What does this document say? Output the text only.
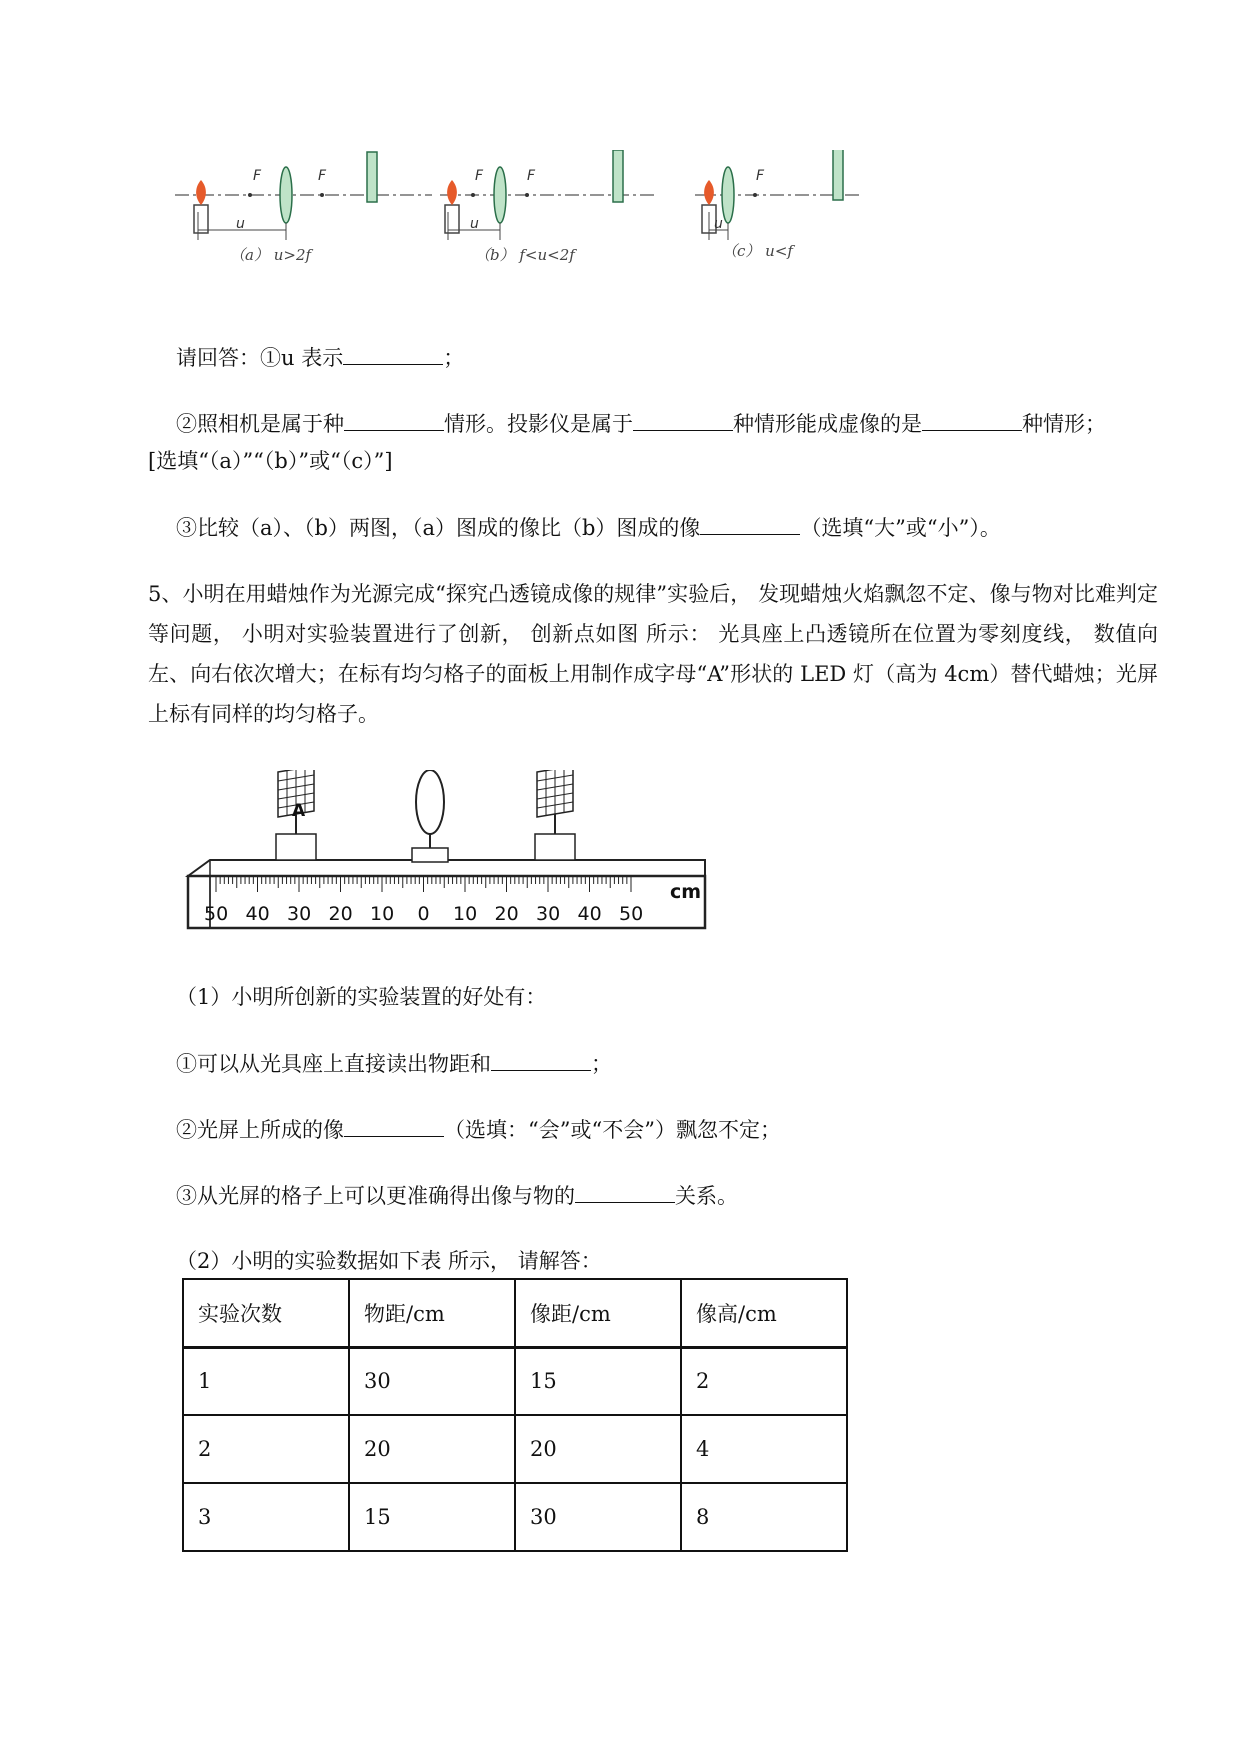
F	F
u
（a） u>2f
F	F
u
（b） f<u<2f
F
u
（c） u<f
请回答：①u 表示	；
②照相机是属于种	情形。投影仪是属于	种情形能成虚像的是	种情形；
[选填“（a）”“（b）”或“（c）”]
③比较（a）、（b）两图，（a）图成的像比（b）图成的像	（选填“大”或“小”）。
5、小明在用蜡烛作为光源完成“探究凸透镜成像的规律”实验后， 发现蜡烛火焰飘忽不定、像与物对比难判定等问题， 小明对实验装置进行了创新， 创新点如图 所示： 光具座上凸透镜所在位置为零刻度线， 数值向左、向右依次增大；在标有均匀格子的面板上用制作成字母“A”形状的 LED 灯（高为 4cm）替代蜡烛；光屏上标有同样的均匀格子。
50 40 30 20 10 0 10 20 30 40 50
cm
A
（1）小明所创新的实验装置的好处有：
①可以从光具座上直接读出物距和	；
②光屏上所成的像	（选填：“会”或“不会”）飘忽不定；
③从光屏的格子上可以更准确得出像与物的	关系。
（2）小明的实验数据如下表 所示， 请解答：
实验次数	物距/cm	像距/cm	像高/cm
1	30	15	2
2	20	20	4
3	15	30	8
